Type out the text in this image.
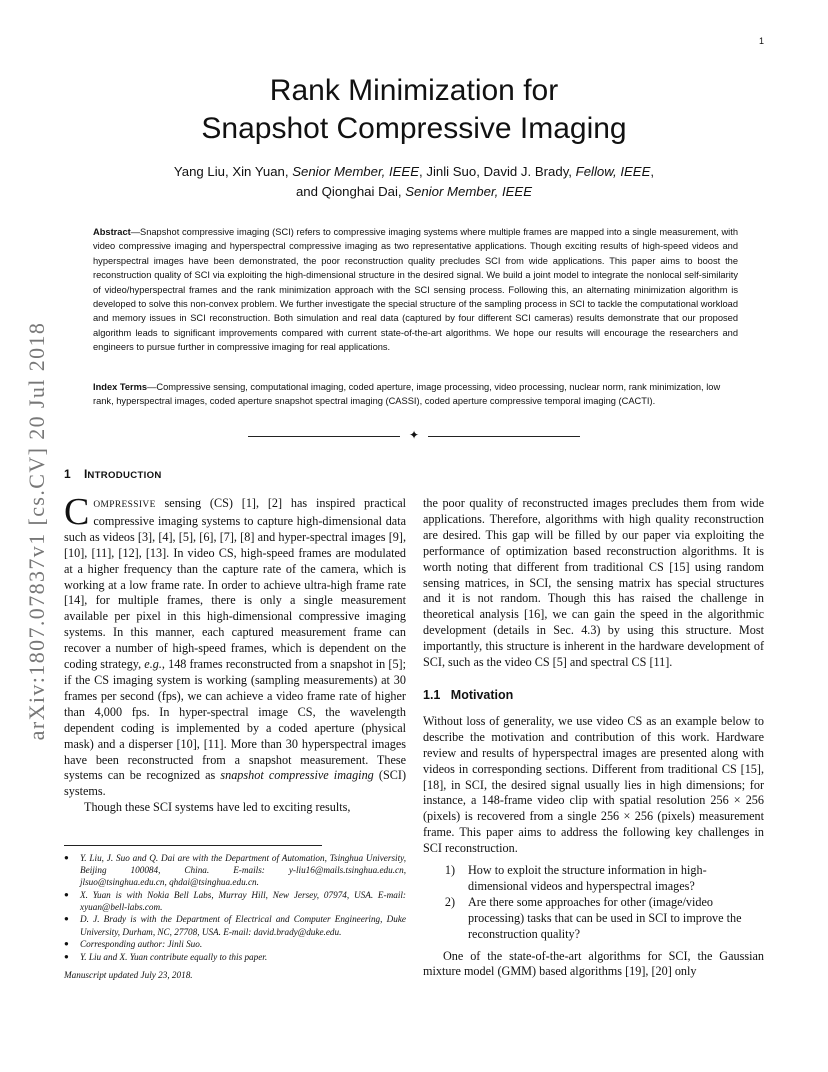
1
arXiv:1807.07837v1 [cs.CV] 20 Jul 2018
Rank Minimization for
Snapshot Compressive Imaging
Yang Liu, Xin Yuan, Senior Member, IEEE, Jinli Suo, David J. Brady, Fellow, IEEE,
and Qionghai Dai, Senior Member, IEEE
Abstract—Snapshot compressive imaging (SCI) refers to compressive imaging systems where multiple frames are mapped into a single measurement, with video compressive imaging and hyperspectral compressive imaging as two representative applications. Though exciting results of high-speed videos and hyperspectral images have been demonstrated, the poor reconstruction quality precludes SCI from wide applications. This paper aims to boost the reconstruction quality of SCI via exploiting the high-dimensional structure in the desired signal. We build a joint model to integrate the nonlocal self-similarity of video/hyperspectral frames and the rank minimization approach with the SCI sensing process. Following this, an alternating minimization algorithm is developed to solve this non-convex problem. We further investigate the special structure of the sampling process in SCI to tackle the computational workload and memory issues in SCI reconstruction. Both simulation and real data (captured by four different SCI cameras) results demonstrate that our proposed algorithm leads to significant improvements compared with current state-of-the-art algorithms. We hope our results will encourage the researchers and engineers to pursue further in compressive imaging for real applications.
Index Terms—Compressive sensing, computational imaging, coded aperture, image processing, video processing, nuclear norm, rank minimization, low rank, hyperspectral images, coded aperture snapshot spectral imaging (CASSI), coded aperture compressive temporal imaging (CACTI).
✦
1 INTRODUCTION

COMPRESSIVE sensing (CS) [1], [2] has inspired practical compressive imaging systems to capture high-dimensional data such as videos [3], [4], [5], [6], [7], [8] and hyper-spectral images [9], [10], [11], [12], [13]. In video CS, high-speed frames are modulated at a higher frequency than the capture rate of the camera, which is working at a low frame rate. In order to achieve ultra-high frame rate [14], for multiple frames, there is only a single measurement available per pixel in this high-dimensional compressive imaging systems. In this manner, each captured measurement frame can recover a number of high-speed frames, which is dependent on the coding strategy, e.g., 148 frames reconstructed from a snapshot in [5]; if the CS imaging system is working (sampling measurements) at 30 frames per second (fps), we can achieve a video frame rate of higher than 4,000 fps. In hyper-spectral image CS, the wavelength dependent coding is implemented by a coded aperture (physical mask) and a disperser [10], [11]. More than 30 hyperspectral images have been reconstructed from a snapshot measurement. These systems can be recognized as snapshot compressive imaging (SCI) systems.

Though these SCI systems have led to exciting results,

●	Y. Liu, J. Suo and Q. Dai are with the Department of Automation, Tsinghua University, Beijing 100084, China. E-mails: y-liu16@mails.tsinghua.edu.cn, jlsuo@tsinghua.edu.cn, qhdai@tsinghua.edu.cn.
●	X. Yuan is with Nokia Bell Labs, Murray Hill, New Jersey, 07974, USA. E-mail: xyuan@bell-labs.com.
●	D. J. Brady is with the Department of Electrical and Computer Engineering, Duke University, Durham, NC, 27708, USA. E-mail: david.brady@duke.edu.
●	Corresponding author: Jinli Suo.
●	Y. Liu and X. Yuan contribute equally to this paper.
Manuscript updated July 23, 2018.

the poor quality of reconstructed images precludes them from wide applications. Therefore, algorithms with high quality reconstruction are desired. This gap will be filled by our paper via exploiting the performance of optimization based reconstruction algorithms. It is worth noting that different from traditional CS [15] using random sensing matrices, in SCI, the sensing matrix has special structures and it is not random. Though this has raised the challenge in theoretical analysis [16], we can gain the speed in the algorithmic development (details in Sec. 4.3) by using this structure. Most importantly, this structure is inherent in the hardware development of SCI, such as the video CS [5] and spectral CS [11].

1.1   Motivation

Without loss of generality, we use video CS as an example below to describe the motivation and contribution of this work. Hardware review and results of hyperspectral images are presented along with videos in corresponding sections. Different from traditional CS [15], [18], in SCI, the desired signal usually lies in high dimensions; for instance, a 148-frame video clip with spatial resolution 256 × 256 (pixels) is recovered from a single 256 × 256 (pixels) measurement frame. This paper aims to address the following key challenges in SCI reconstruction.

1) How to exploit the structure information in high-dimensional videos and hyperspectral images?
2) Are there some approaches for other (image/video processing) tasks that can be used in SCI to improve the reconstruction quality?

One of the state-of-the-art algorithms for SCI, the Gaussian mixture model (GMM) based algorithms [19], [20] only
